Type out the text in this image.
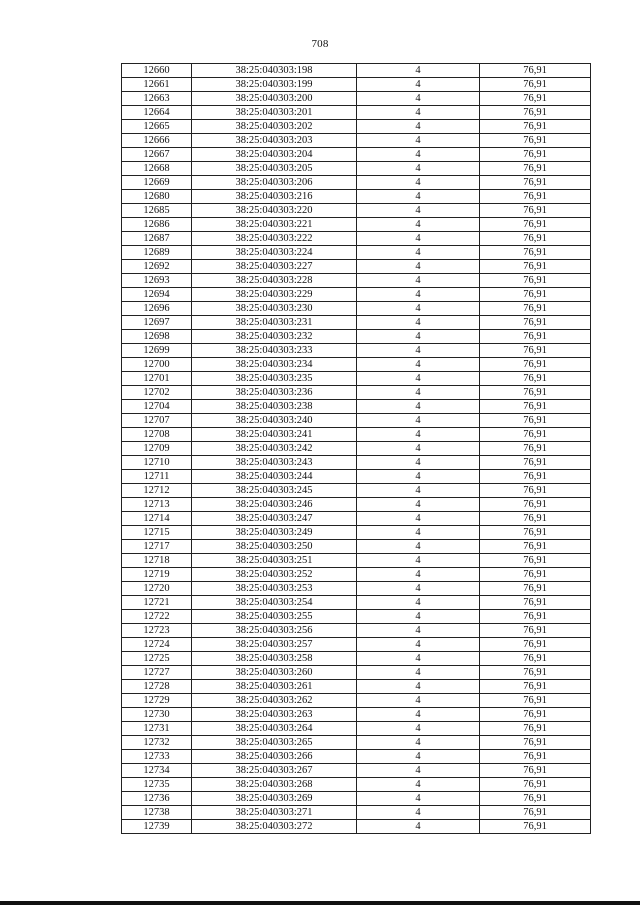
708
12660	38:25:040303:198	4	76,91
12661	38:25:040303:199	4	76,91
12663	38:25:040303:200	4	76,91
12664	38:25:040303:201	4	76,91
12665	38:25:040303:202	4	76,91
12666	38:25:040303:203	4	76,91
12667	38:25:040303:204	4	76,91
12668	38:25:040303:205	4	76,91
12669	38:25:040303:206	4	76,91
12680	38:25:040303:216	4	76,91
12685	38:25:040303:220	4	76,91
12686	38:25:040303:221	4	76,91
12687	38:25:040303:222	4	76,91
12689	38:25:040303:224	4	76,91
12692	38:25:040303:227	4	76,91
12693	38:25:040303:228	4	76,91
12694	38:25:040303:229	4	76,91
12696	38:25:040303:230	4	76,91
12697	38:25:040303:231	4	76,91
12698	38:25:040303:232	4	76,91
12699	38:25:040303:233	4	76,91
12700	38:25:040303:234	4	76,91
12701	38:25:040303:235	4	76,91
12702	38:25:040303:236	4	76,91
12704	38:25:040303:238	4	76,91
12707	38:25:040303:240	4	76,91
12708	38:25:040303:241	4	76,91
12709	38:25:040303:242	4	76,91
12710	38:25:040303:243	4	76,91
12711	38:25:040303:244	4	76,91
12712	38:25:040303:245	4	76,91
12713	38:25:040303:246	4	76,91
12714	38:25:040303:247	4	76,91
12715	38:25:040303:249	4	76,91
12717	38:25:040303:250	4	76,91
12718	38:25:040303:251	4	76,91
12719	38:25:040303:252	4	76,91
12720	38:25:040303:253	4	76,91
12721	38:25:040303:254	4	76,91
12722	38:25:040303:255	4	76,91
12723	38:25:040303:256	4	76,91
12724	38:25:040303:257	4	76,91
12725	38:25:040303:258	4	76,91
12727	38:25:040303:260	4	76,91
12728	38:25:040303:261	4	76,91
12729	38:25:040303:262	4	76,91
12730	38:25:040303:263	4	76,91
12731	38:25:040303:264	4	76,91
12732	38:25:040303:265	4	76,91
12733	38:25:040303:266	4	76,91
12734	38:25:040303:267	4	76,91
12735	38:25:040303:268	4	76,91
12736	38:25:040303:269	4	76,91
12738	38:25:040303:271	4	76,91
12739	38:25:040303:272	4	76,91
